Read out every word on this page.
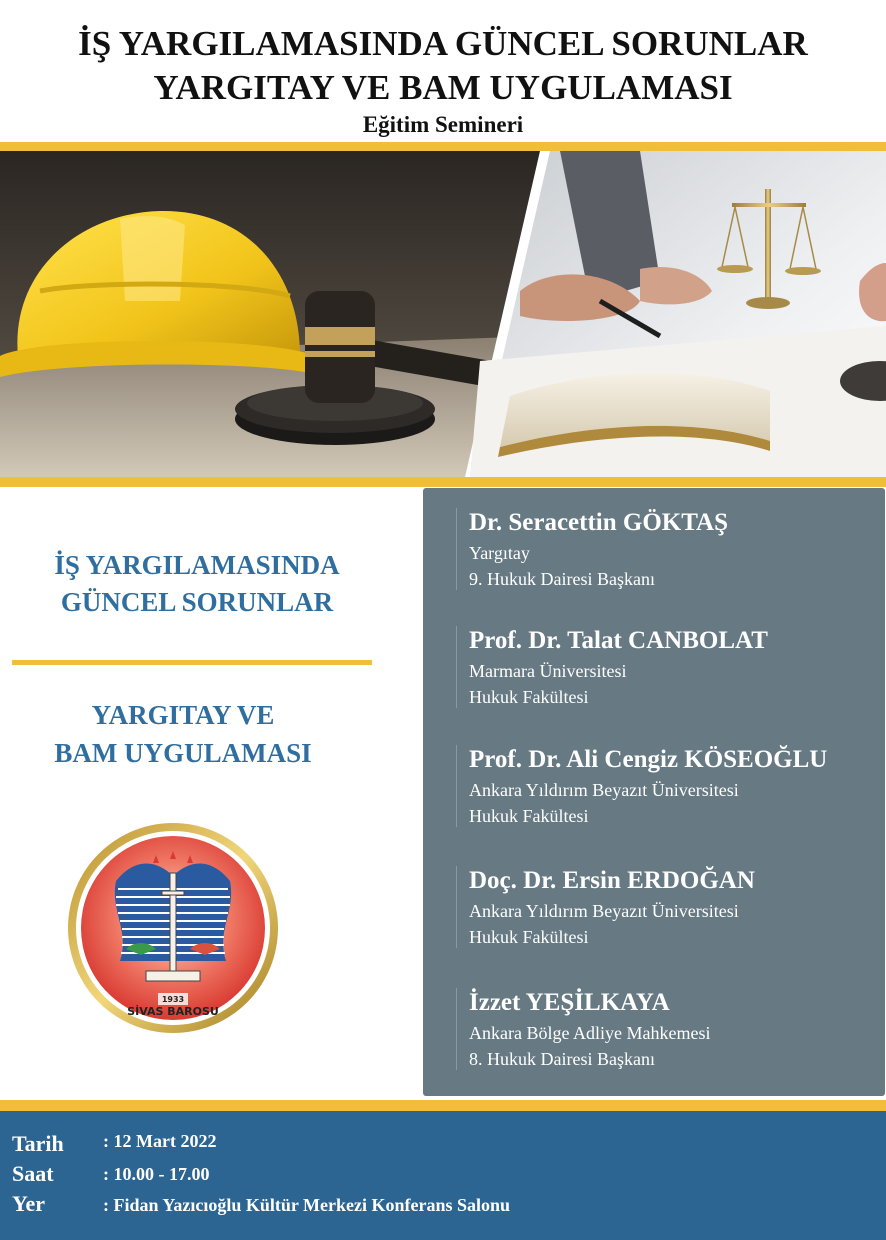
İŞ YARGILAMASINDA GÜNCEL SORUNLAR
YARGITAY VE BAM UYGULAMASI
Eğitim Semineri
İŞ YARGILAMASINDA
GÜNCEL SORUNLAR
YARGITAY VE
BAM UYGULAMASI
1933
SİVAS BAROSU
Dr. Seracettin GÖKTAŞ
Yargıtay
9. Hukuk Dairesi Başkanı
Prof. Dr. Talat CANBOLAT
Marmara Üniversitesi
Hukuk Fakültesi
Prof. Dr. Ali Cengiz KÖSEOĞLU
Ankara Yıldırım Beyazıt Üniversitesi
Hukuk Fakültesi
Doç. Dr. Ersin ERDOĞAN
Ankara Yıldırım Beyazıt Üniversitesi
Hukuk Fakültesi
İzzet YEŞİLKAYA
Ankara Bölge Adliye Mahkemesi
8. Hukuk Dairesi Başkanı
Tarih : 12 Mart 2022
Saat	: 10.00 - 17.00
Yer	: Fidan Yazıcıoğlu Kültür Merkezi Konferans Salonu
